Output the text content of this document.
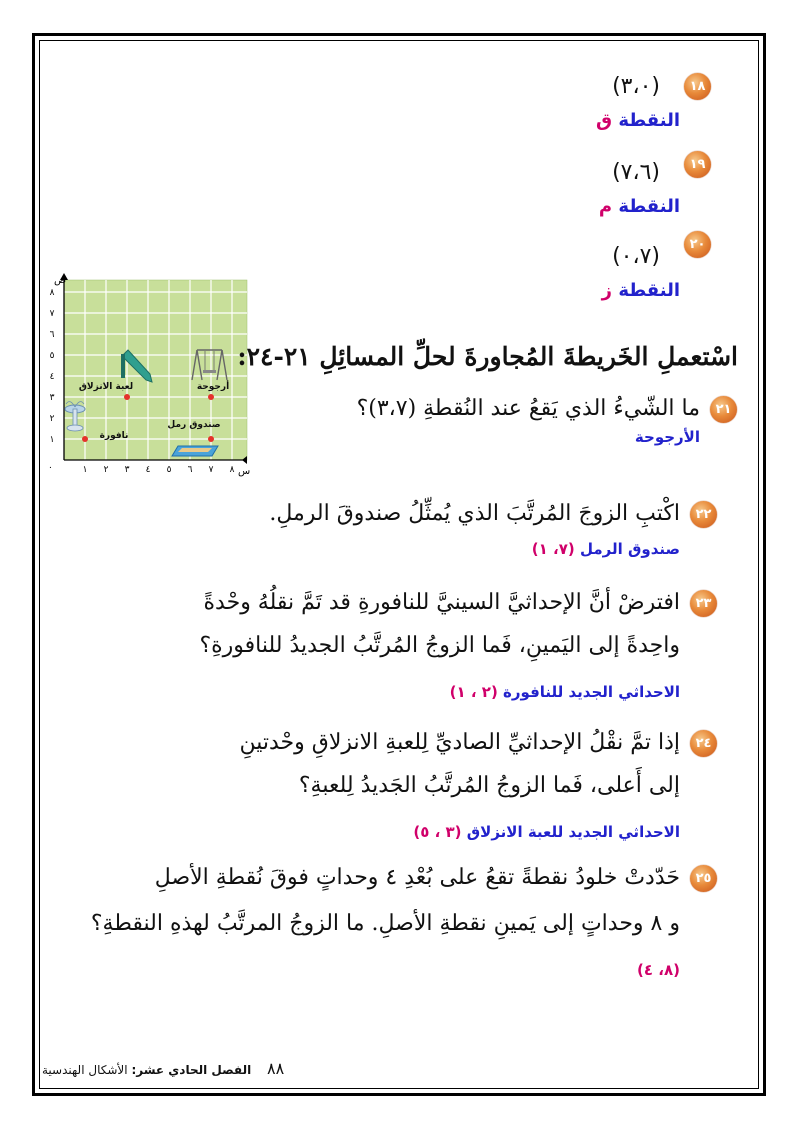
١٨
(٣،٠)
النقطة ق
١٩
(٧،٦)
النقطة م
٢٠
(٠،٧)
النقطة ز
ص
س
٠	١ ٢ ٣ ٤ ٥ ٦ ٧ ٨
١
٢
٣
٤
٥
٦
٧
٨
أرجوحة
لعبة الانزلاق
صندوق رمل
نافورة
اسْتعملِ الخَريطةَ المُجاورةَ لحلِّ المسائِلِ ٢١-٢٤:
٢١
ما الشّيءُ الذي يَقعُ عند النُقطةِ (٣،٧)؟
الأرجوحة
٢٢
اكْتبِ الزوجَ المُرتَّبَ الذي يُمثِّلُ صندوقَ الرملِ.
صندوق الرمل (٧، ١)
٢٣
افترضْ أنَّ الإحداثيَّ السينيَّ للنافورةِ قد تَمَّ نقلُهُ وحْدةً
واحِدةً إلى اليَمينِ، فَما الزوجُ المُرتَّبُ الجديدُ للنافورةِ؟
الاحداثي الجديد للنافورة (٢ ، ١)
٢٤
إذا تمَّ نقْلُ الإحداثيِّ الصاديِّ لِلعبةِ الانزلاقِ وحْدتينِ
إلى أَعلى، فَما الزوجُ المُرتَّبُ الجَديدُ لِلعبةِ؟
الاحداثي الجديد للعبة الانزلاق (٣ ، ٥)
٢٥
حَدّدتْ خلودُ نقطةً تقعُ على بُعْدِ ٤ وحداتٍ فوقَ نُقطةِ الأصلِ
و ٨ وحداتٍ إلى يَمينِ نقطةِ الأصلِ. ما الزوجُ المرتَّبُ لهذهِ النقطةِ؟
(٨، ٤)
٨٨ الفصل الحادي عشر: الأشكال الهندسية
